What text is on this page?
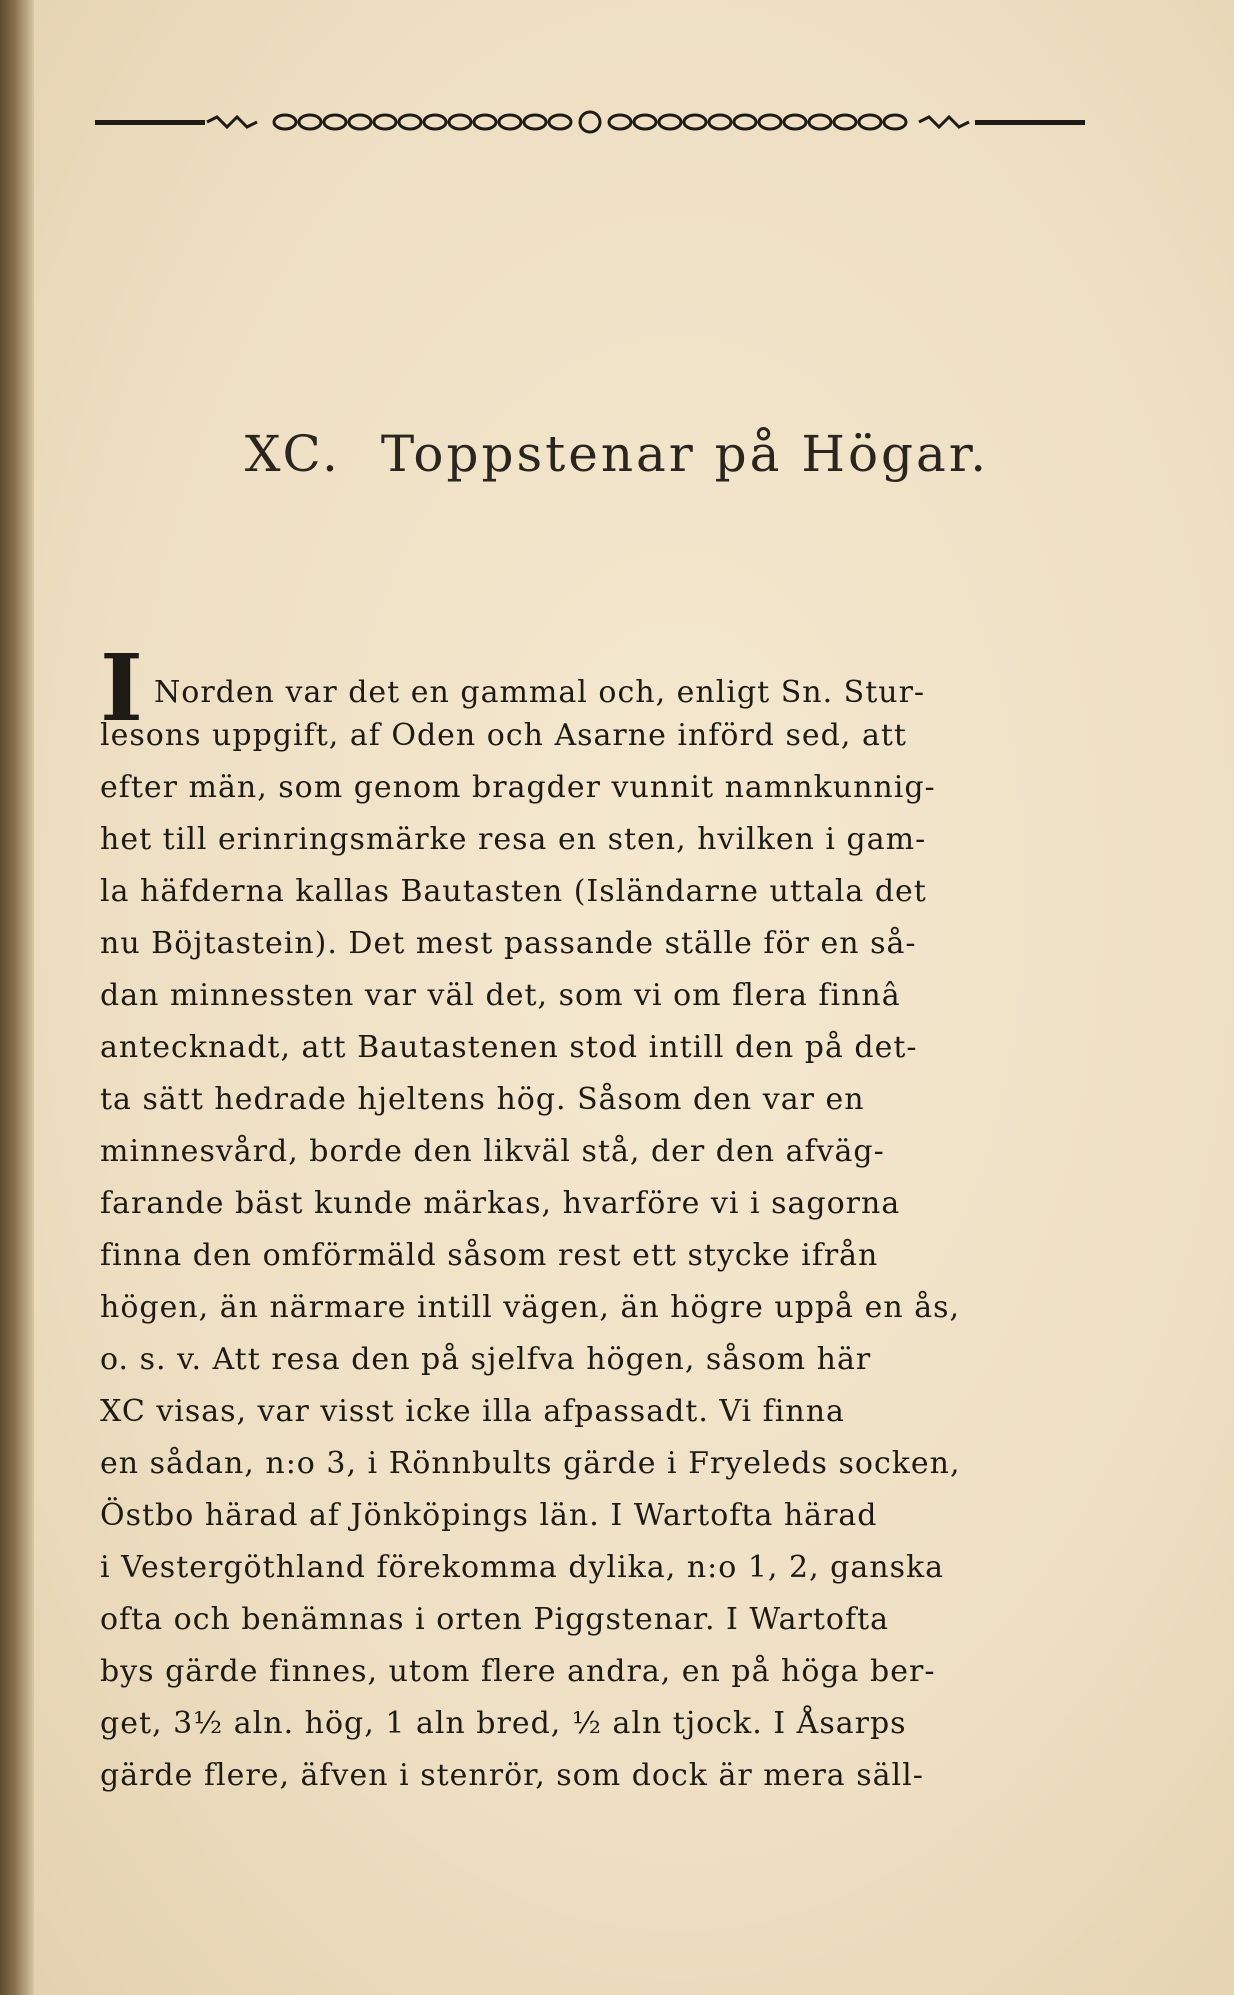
XC. Toppstenar på Högar.
I Norden var det en gammal och, enligt Sn. Stur-
lesons uppgift, af Oden och Asarne införd sed, att
efter män, som genom bragder vunnit namnkunnig-
het till erinringsmärke resa en sten, hvilken i gam-
la häfderna kallas Bautasten (Isländarne uttala det
nu Böjtastein). Det mest passande ställe för en så-
dan minnessten var väl det, som vi om flera finnâ
antecknadt, att Bautastenen stod intill den på det-
ta sätt hedrade hjeltens hög. Såsom den var en
minnesvård, borde den likväl stå, der den afväg-
farande bäst kunde märkas, hvarföre vi i sagorna
finna den omförmäld såsom rest ett stycke ifrån
högen, än närmare intill vägen, än högre uppå en ås,
o. s. v. Att resa den på sjelfva högen, såsom här
XC visas, var visst icke illa afpassadt. Vi finna
en sådan, n:o 3, i Rönnbults gärde i Fryeleds socken,
Östbo härad af Jönköpings län. I Wartofta härad
i Vestergöthland förekomma dylika, n:o 1, 2, ganska
ofta och benämnas i orten Piggstenar. I Wartofta
bys gärde finnes, utom flere andra, en på höga ber-
get, 3½ aln. hög, 1 aln bred, ½ aln tjock. I Åsarps
gärde flere, äfven i stenrör, som dock är mera säll-
